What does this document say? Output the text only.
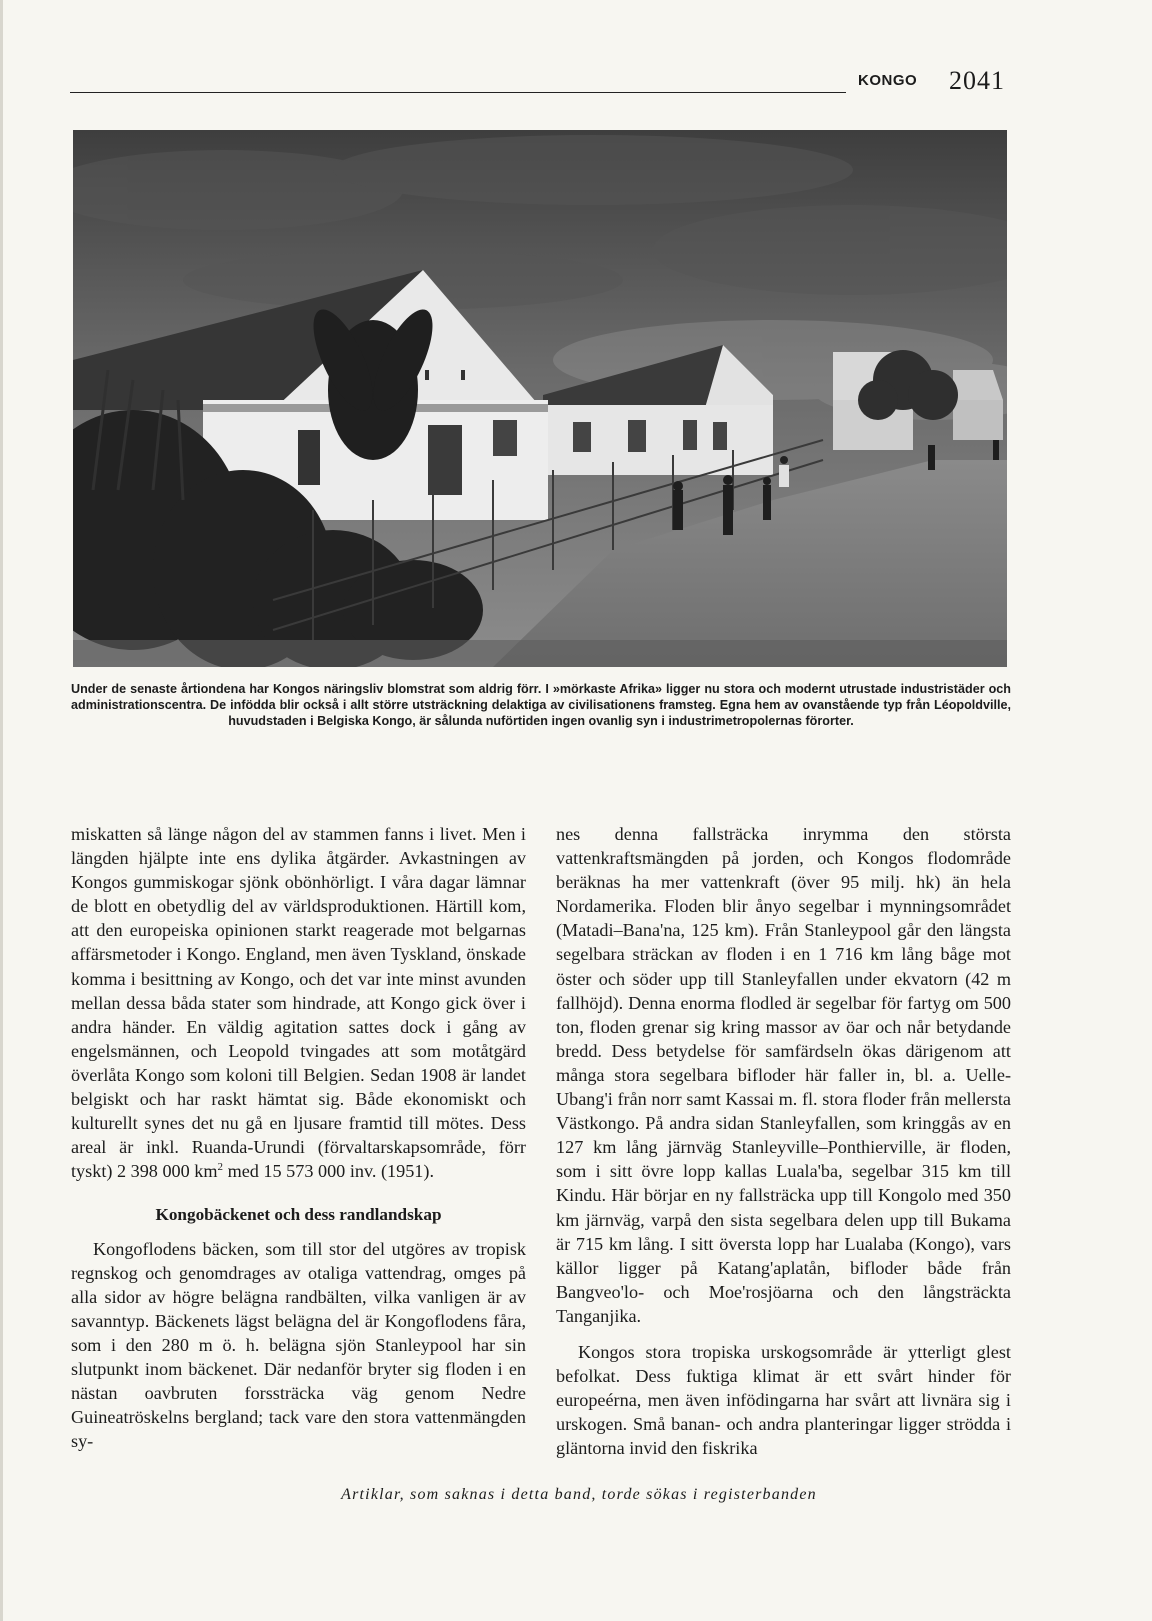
KONGO 2041
Under de senaste årtiondena har Kongos näringsliv blomstrat som aldrig förr. I »mörkaste Afrika» ligger nu stora och modernt utrustade industristäder och administrationscentra. De infödda blir också i allt större utsträckning delaktiga av civilisationens framsteg. Egna hem av ovanstående typ från Léopoldville, huvudstaden i Belgiska Kongo, är sålunda nuförtiden ingen ovanlig syn i industrimetropolernas förorter.

miskatten så länge någon del av stammen fanns i livet. Men i längden hjälpte inte ens dylika åtgärder. Avkastningen av Kongos gummiskogar sjönk obönhörligt. I våra dagar lämnar de blott en obetydlig del av världsproduktionen. Härtill kom, att den europeiska opinionen starkt reagerade mot belgarnas affärsmetoder i Kongo. England, men även Tyskland, önskade komma i besittning av Kongo, och det var inte minst avunden mellan dessa båda stater som hindrade, att Kongo gick över i andra händer. En väldig agitation sattes dock i gång av engelsmännen, och Leopold tvingades att som motåtgärd överlåta Kongo som koloni till Belgien. Sedan 1908 är landet belgiskt och har raskt hämtat sig. Både ekonomiskt och kulturellt synes det nu gå en ljusare framtid till mötes. Dess areal är inkl. Ruanda-Urundi (förvaltarskapsområde, förr tyskt) 2 398 000 $km^2$ med 15 573 000 inv. (1951).

Kongobäckenet och dess randlandskap

Kongoflodens bäcken, som till stor del utgöres av tropisk regnskog och genomdrages av otaliga vattendrag, omges på alla sidor av högre belägna randbälten, vilka vanligen är av savanntyp. Bäckenets lägst belägna del är Kongoflodens fåra, som i den 280 m ö. h. belägna sjön Stanleypool har sin slutpunkt inom bäckenet. Där nedanför bryter sig floden i en nästan oavbruten forssträcka väg genom Nedre Guineatröskelns bergland; tack vare den stora vattenmängden sy-

nes denna fallsträcka inrymma den största vattenkraftsmängden på jorden, och Kongos flodområde beräknas ha mer vattenkraft (över 95 milj. hk) än hela Nordamerika. Floden blir ånyo segelbar i mynningsområdet (Matadi–Bana'na, 125 km). Från Stanleypool går den längsta segelbara sträckan av floden i en 1 716 km lång båge mot öster och söder upp till Stanleyfallen under ekvatorn (42 m fallhöjd). Denna enorma flodled är segelbar för fartyg om 500 ton, floden grenar sig kring massor av öar och når betydande bredd. Dess betydelse för samfärdseln ökas därigenom att många stora segelbara bifloder här faller in, bl. a. Uelle-Ubang'i från norr samt Kassai m. fl. stora floder från mellersta Västkongo. På andra sidan Stanleyfallen, som kringgås av en 127 km lång järnväg Stanleyville–Ponthierville, är floden, som i sitt övre lopp kallas Luala'ba, segelbar 315 km till Kindu. Här börjar en ny fallsträcka upp till Kongolo med 350 km järnväg, varpå den sista segelbara delen upp till Bukama är 715 km lång. I sitt översta lopp har Lualaba (Kongo), vars källor ligger på Katang'aplatån, bifloder både från Bangveo'lo- och Moe'rosjöarna och den långsträckta Tanganjika.

Kongos stora tropiska urskogsområde är ytterligt glest befolkat. Dess fuktiga klimat är ett svårt hinder för europeérna, men även infödingarna har svårt att livnära sig i urskogen. Små banan- och andra planteringar ligger strödda i gläntorna invid den fiskrika

Artiklar, som saknas i detta band, torde sökas i registerbanden
